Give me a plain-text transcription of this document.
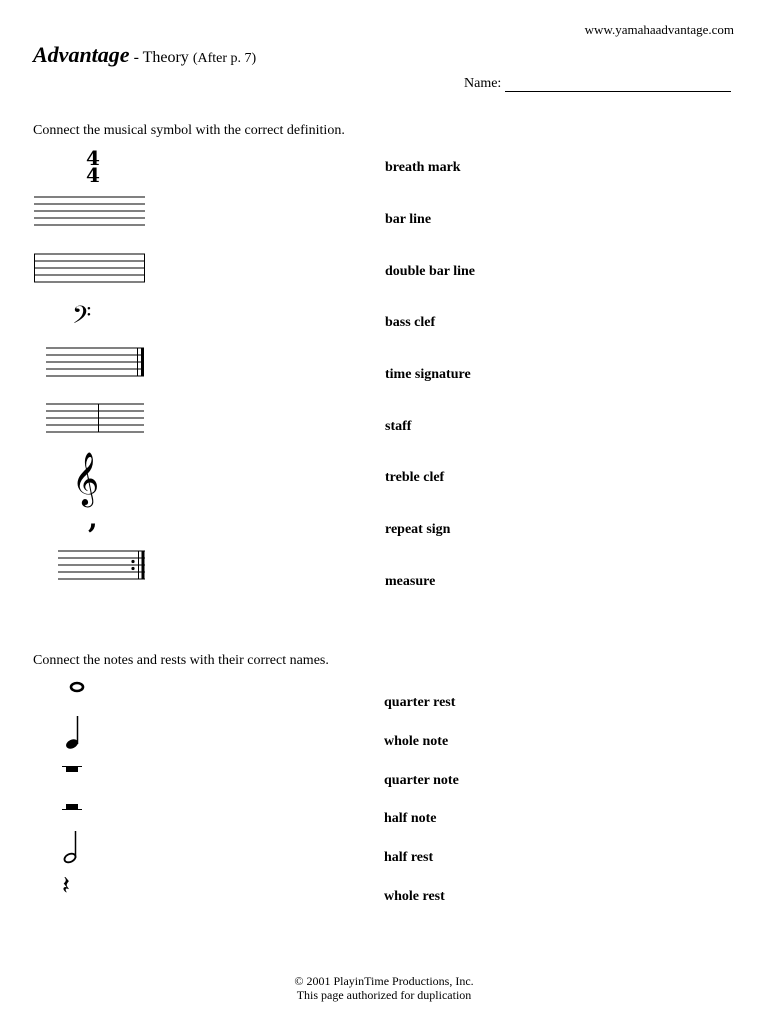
www.yamahaadvantage.com
Advantage - Theory (After p. 7)
Name:
Connect the musical symbol with the correct definition.
4
4
𝄢
𝄞
,
breath mark
bar line
double bar line
bass clef
time signature
staff
treble clef
repeat sign
measure
Connect the notes and rests with their correct names.
𝄽
quarter rest
whole note
quarter note
half note
half rest
whole rest
© 2001 PlayinTime Productions, Inc.
This page authorized for duplication
